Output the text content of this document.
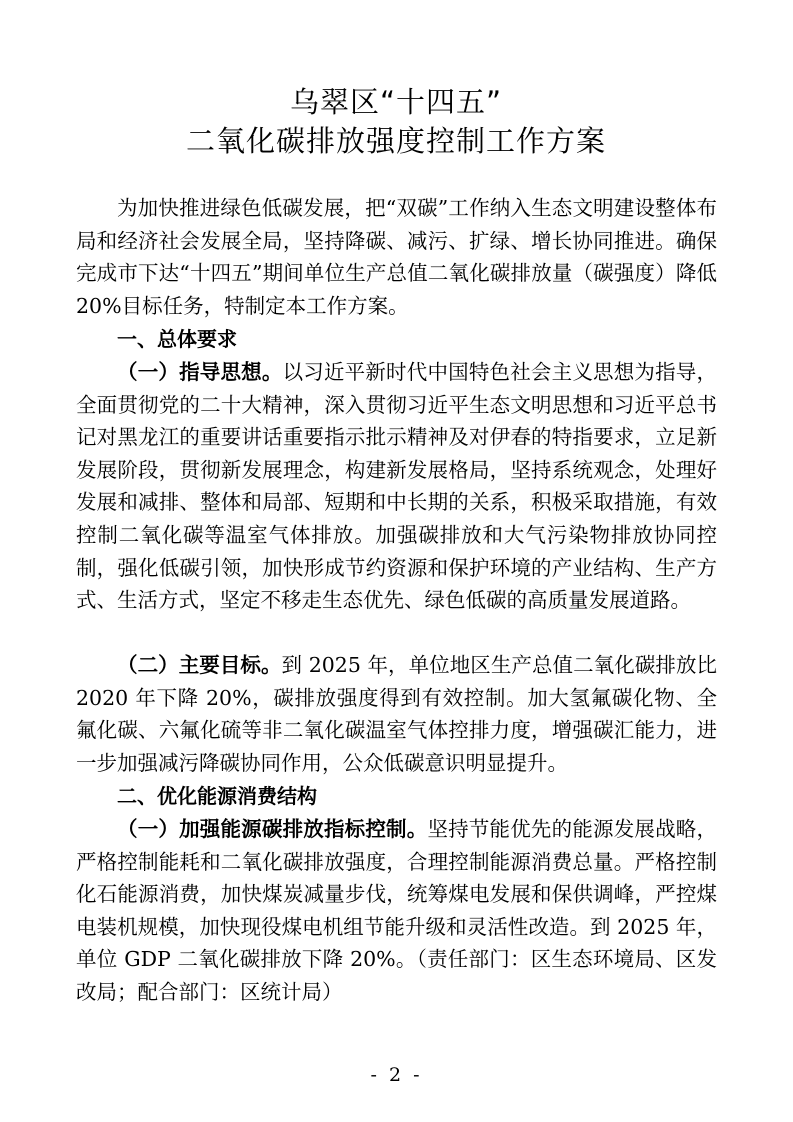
乌翠区“十四五”
二氧化碳排放强度控制工作方案

为加快推进绿色低碳发展，把“双碳”工作纳入生态文明建设整体布局和经济社会发展全局，坚持降碳、减污、扩绿、增长协同推进。确保完成市下达“十四五”期间单位生产总值二氧化碳排放量（碳强度）降低20%目标任务，特制定本工作方案。

一、总体要求

（一）指导思想。以习近平新时代中国特色社会主义思想为指导，全面贯彻党的二十大精神，深入贯彻习近平生态文明思想和习近平总书记对黑龙江的重要讲话重要指示批示精神及对伊春的特指要求，立足新发展阶段，贯彻新发展理念，构建新发展格局，坚持系统观念，处理好发展和减排、整体和局部、短期和中长期的关系，积极采取措施，有效控制二氧化碳等温室气体排放。加强碳排放和大气污染物排放协同控制，强化低碳引领，加快形成节约资源和保护环境的产业结构、生产方式、生活方式，坚定不移走生态优先、绿色低碳的高质量发展道路。

（二）主要目标。到 2025 年，单位地区生产总值二氧化碳排放比 2020 年下降 20%，碳排放强度得到有效控制。加大氢氟碳化物、全氟化碳、六氟化硫等非二氧化碳温室气体控排力度，增强碳汇能力，进一步加强减污降碳协同作用，公众低碳意识明显提升。

二、优化能源消费结构

（一）加强能源碳排放指标控制。坚持节能优先的能源发展战略，严格控制能耗和二氧化碳排放强度，合理控制能源消费总量。严格控制化石能源消费，加快煤炭减量步伐，统筹煤电发展和保供调峰，严控煤电装机规模，加快现役煤电机组节能升级和灵活性改造。到 2025 年，单位 GDP 二氧化碳排放下降 20%。（责任部门：区生态环境局、区发改局；配合部门：区统计局）

- 2 -
